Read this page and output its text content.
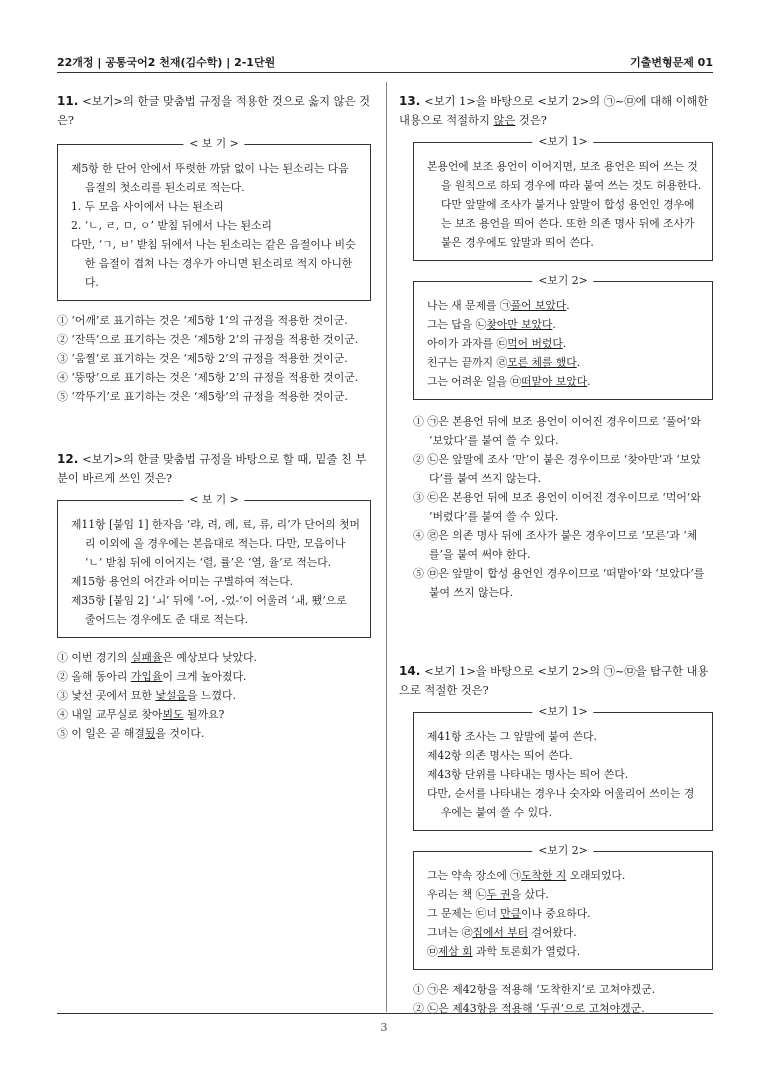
22개정 | 공통국어2 천재(김수학) | 2-1단원	기출변형문제 01

11. <보기>의 한글 맞춤법 규정을 적용한 것으로 옳지 않은 것은?

< 보 기 >

제5항 한 단어 안에서 뚜렷한 까닭 없이 나는 된소리는 다음 음절의 첫소리를 된소리로 적는다.

1. 두 모음 사이에서 나는 된소리

2. ‘ㄴ, ㄹ, ㅁ, ㅇ’ 받침 뒤에서 나는 된소리

다만, ‘ㄱ, ㅂ’ 받침 뒤에서 나는 된소리는 같은 음절이나 비슷한 음절이 겹쳐 나는 경우가 아니면 된소리로 적지 아니한다.

① ‘어깨’로 표기하는 것은 ‘제5항 1’의 규정을 적용한 것이군.

② ‘잔뜩’으로 표기하는 것은 ‘제5항 2’의 규정을 적용한 것이군.

③ ‘움찔’로 표기하는 것은 ‘제5항 2’의 규정을 적용한 것이군.

④ ‘뚱땅’으로 표기하는 것은 ‘제5항 2’의 규정을 적용한 것이군.

⑤ ‘깍뚜기’로 표기하는 것은 ‘제5항’의 규정을 적용한 것이군.

12. <보기>의 한글 맞춤법 규정을 바탕으로 할 때, 밑줄 친 부분이 바르게 쓰인 것은?

< 보 기 >

제11항 [붙임 1] 한자음 ‘랴, 려, 례, 료, 류, 리’가 단어의 첫머리 이외에 올 경우에는 본음대로 적는다. 다만, 모음이나 ‘ㄴ’ 받침 뒤에 이어지는 ‘렬, 률’은 ‘열, 율’로 적는다.

제15항 용언의 어간과 어미는 구별하여 적는다.

제35항 [붙임 2] ‘ㅚ’ 뒤에 ‘-어, -었-’이 어울려 ‘ㅙ, 뙜’으로 줄어드는 경우에도 준 대로 적는다.

① 이번 경기의 실패율은 예상보다 낮았다.

② 올해 동아리 가입율이 크게 높아졌다.

③ 낯선 곳에서 묘한 낯설음을 느꼈다.

④ 내일 교무실로 찾아뵈도 될까요?

⑤ 이 일은 곧 해결됬을 것이다.

13. <보기 1>을 바탕으로 <보기 2>의 ㉠~㉤에 대해 이해한 내용으로 적절하지 않은 것은?

<보기 1>

본용언에 보조 용언이 이어지면, 보조 용언은 띄어 쓰는 것을 원칙으로 하되 경우에 따라 붙여 쓰는 것도 허용한다. 다만 앞말에 조사가 붙거나 앞말이 합성 용언인 경우에는 보조 용언을 띄어 쓴다. 또한 의존 명사 뒤에 조사가 붙은 경우에도 앞말과 띄어 쓴다.

<보기 2>

나는 새 문제를 ㉠풀어 보았다.

그는 답을 ㉡찾아만 보았다.

아이가 과자를 ㉢먹어 버렸다.

친구는 끝까지 ㉣모른 체를 했다.

그는 어려운 일을 ㉤떠맡아 보았다.

① ㉠은 본용언 뒤에 보조 용언이 이어진 경우이므로 ‘풀어’와 ‘보았다’를 붙여 쓸 수 있다.

② ㉡은 앞말에 조사 ‘만’이 붙은 경우이므로 ‘찾아만’과 ‘보았다’를 붙여 쓰지 않는다.

③ ㉢은 본용언 뒤에 보조 용언이 이어진 경우이므로 ‘먹어’와 ‘버렸다’를 붙여 쓸 수 있다.

④ ㉣은 의존 명사 뒤에 조사가 붙은 경우이므로 ‘모른’과 ‘체를’을 붙여 써야 한다.

⑤ ㉤은 앞말이 합성 용언인 경우이므로 ‘떠맡아’와 ‘보았다’를 붙여 쓰지 않는다.

14. <보기 1>을 바탕으로 <보기 2>의 ㉠~㉤을 탐구한 내용으로 적절한 것은?

<보기 1>

제41항 조사는 그 앞말에 붙여 쓴다.

제42항 의존 명사는 띄어 쓴다.

제43항 단위를 나타내는 명사는 띄어 쓴다.

다만, 순서를 나타내는 경우나 숫자와 어울리어 쓰이는 경우에는 붙여 쓸 수 있다.

<보기 2>

그는 약속 장소에 ㉠도착한 지 오래되었다.

우리는 책 ㉡두 권을 샀다.

그 문제는 ㉢너 만큼이나 중요하다.

그녀는 ㉣집에서 부터 걸어왔다.

㉤제삼 회 과학 토론회가 열렸다.

① ㉠은 제42항을 적용해 ‘도착한지’로 고쳐야겠군.

② ㉡은 제43항을 적용해 ‘두권’으로 고쳐야겠군.

3
